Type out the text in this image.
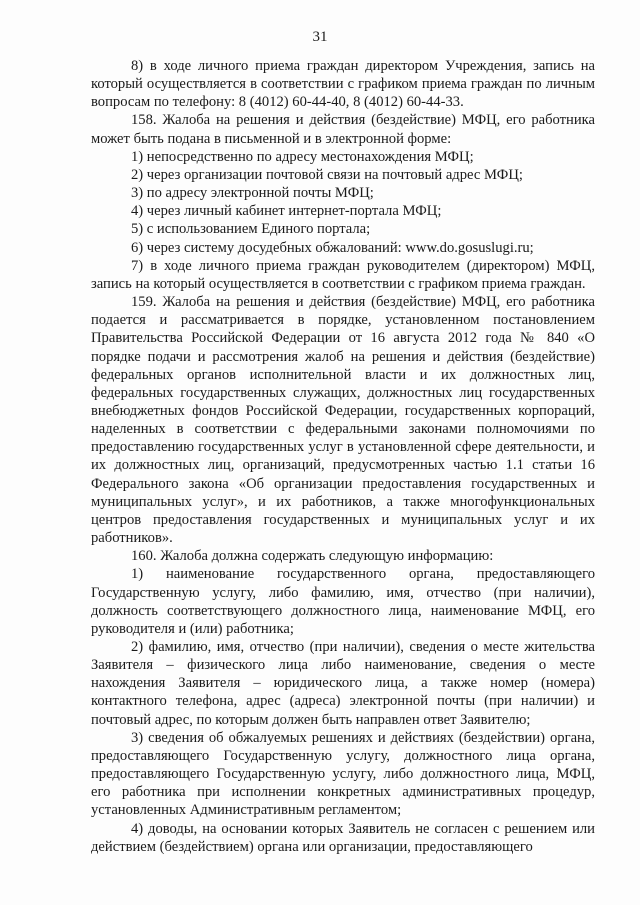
31

8) в ходе личного приема граждан директором Учреждения, запись на который осуществляется в соответствии с графиком приема граждан по личным вопросам по телефону: 8 (4012) 60-44-40, 8 (4012) 60-44-33.

158. Жалоба на решения и действия (бездействие) МФЦ, его работника может быть подана в письменной и в электронной форме:

1) непосредственно по адресу местонахождения МФЦ;

2) через организации почтовой связи на почтовый адрес МФЦ;

3) по адресу электронной почты МФЦ;

4) через личный кабинет интернет-портала МФЦ;

5) с использованием Единого портала;

6) через систему досудебных обжалований: www.do.gosuslugi.ru;

7) в ходе личного приема граждан руководителем (директором) МФЦ, запись на который осуществляется в соответствии с графиком приема граждан.

159. Жалоба на решения и действия (бездействие) МФЦ, его работника подается и рассматривается в порядке, установленном постановлением Правительства Российской Федерации от 16 августа 2012 года № 840 «О порядке подачи и рассмотрения жалоб на решения и действия (бездействие) федеральных органов исполнительной власти и их должностных лиц, федеральных государственных служащих, должностных лиц государственных внебюджетных фондов Российской Федерации, государственных корпораций, наделенных в соответствии с федеральными законами полномочиями по предоставлению государственных услуг в установленной сфере деятельности, и их должностных лиц, организаций, предусмотренных частью 1.1 статьи 16 Федерального закона «Об организации предоставления государственных и муниципальных услуг», и их работников, а также многофункциональных центров предоставления государственных и муниципальных услуг и их работников».

160. Жалоба должна содержать следующую информацию:

1) наименование государственного органа, предоставляющего Государственную услугу, либо фамилию, имя, отчество (при наличии), должность соответствующего должностного лица, наименование МФЦ, его руководителя и (или) работника;

2) фамилию, имя, отчество (при наличии), сведения о месте жительства Заявителя – физического лица либо наименование, сведения о месте нахождения Заявителя – юридического лица, а также номер (номера) контактного телефона, адрес (адреса) электронной почты (при наличии) и почтовый адрес, по которым должен быть направлен ответ Заявителю;

3) сведения об обжалуемых решениях и действиях (бездействии) органа, предоставляющего Государственную услугу, должностного лица органа, предоставляющего Государственную услугу, либо должностного лица, МФЦ, его работника при исполнении конкретных административных процедур, установленных Административным регламентом;

4) доводы, на основании которых Заявитель не согласен с решением или действием (бездействием) органа или организации, предоставляющего
